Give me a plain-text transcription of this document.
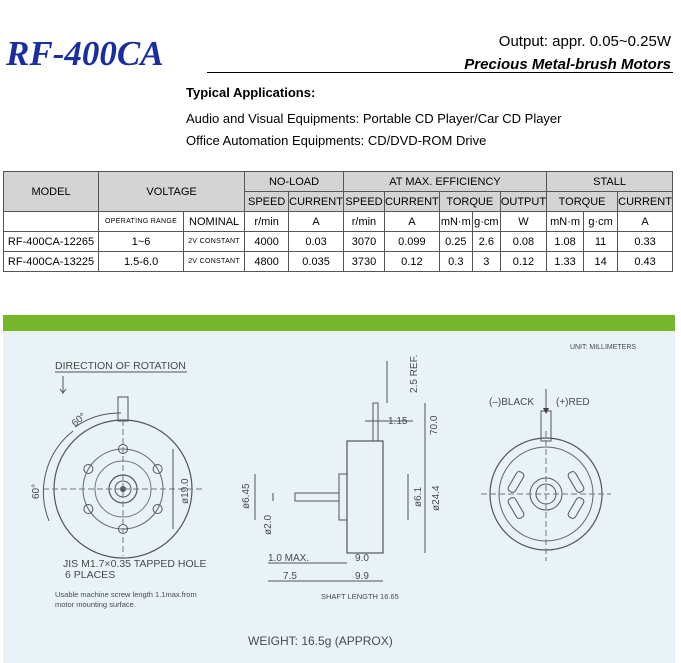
RF-400CA	Output: appr. 0.05~0.25W
Precious Metal-brush Motors
Typical Applications:
Audio and Visual Equipments: Portable CD Player/Car CD Player
Office Automation Equipments: CD/DVD-ROM Drive
MODEL	VOLTAGE		NO-LOAD		AT MAX. EFFICIENCY					STALL		
			SPEED	CURRENT	SPEED	CURRENT	TORQUE		OUTPUT	TORQUE		CURRENT
	OPERATING RANGE	NOMINAL	r/min	A	r/min	A	mN·m	g·cm	W	mN·m	g·cm	A
RF-400CA-12265	1~6	2V CONSTANT	4000	0.03	3070	0.099	0.25	2.6	0.08	1.08	11	0.33
RF-400CA-13225	1.5-6.0	2V CONSTANT	4800	0.035	3730	0.12	0.3	3	0.12	1.33	14	0.43
UNIT: MILLIMETERS
DIRECTION OF ROTATION
60°
60°
ø19.0
JIS M1.7×0.35 TAPPED HOLE
6 PLACES
Usable machine screw length 1.1max.from
motor mounting surface.
2.5 REF.
1.15 70.0
ø24.4
ø6.1
ø6.45
ø2.0
1.0 MAX.	9.0
7.5	9.9
SHAFT LENGTH 16.65
(–)BLACK (+)RED
WEIGHT: 16.5g (APPROX)
